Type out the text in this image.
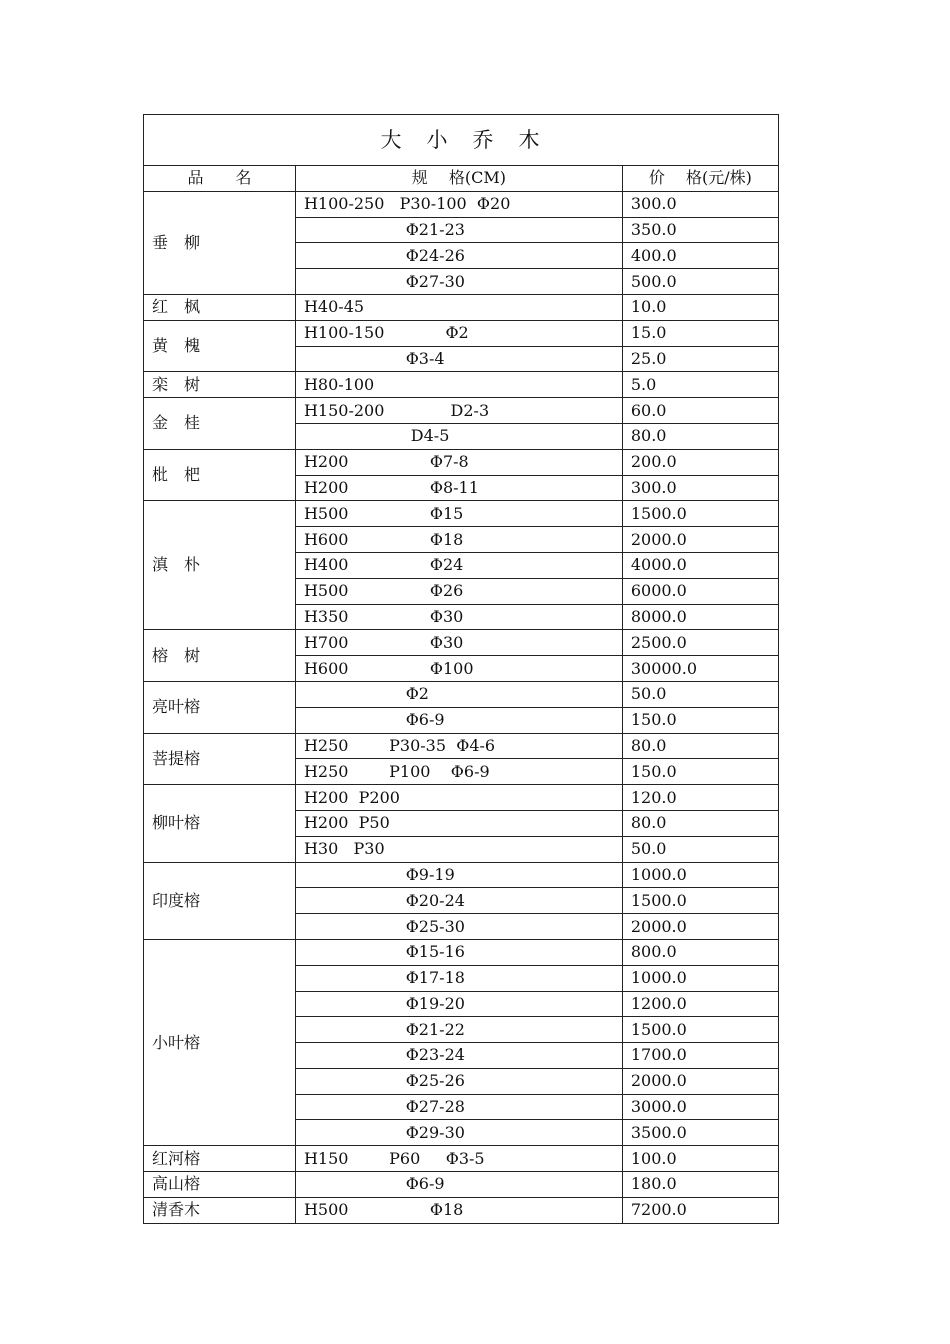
大　小　乔　木		
品　　名	规　 格(CM)	价　 格(元/株)
垂　柳	H100-250   P30-100  Φ20	300.0
	Φ21-23	350.0
	Φ24-26	400.0
	Φ27-30	500.0
红　枫	H40-45	10.0
黄　槐	H100-150            Φ2	15.0
	Φ3-4	25.0
栾　树	H80-100	5.0
金　桂	H150-200             D2-3	60.0
	D4-5	80.0
枇　杷	H200                Φ7-8	200.0
	H200                Φ8-11	300.0
滇　朴	H500                Φ15	1500.0
	H600                Φ18	2000.0
	H400                Φ24	4000.0
	H500                Φ26	6000.0
	H350                Φ30	8000.0
榕　树	H700                Φ30	2500.0
	H600                Φ100	30000.0
亮叶榕	Φ2	50.0
	Φ6-9	150.0
菩提榕	H250        P30-35  Φ4-6	80.0
	H250        P100    Φ6-9	150.0
柳叶榕	H200  P200	120.0
	H200  P50	80.0
	H30   P30	50.0
印度榕	Φ9-19	1000.0
	Φ20-24	1500.0
	Φ25-30	2000.0
小叶榕	Φ15-16	800.0
	Φ17-18	1000.0
	Φ19-20	1200.0
	Φ21-22	1500.0
	Φ23-24	1700.0
	Φ25-26	2000.0
	Φ27-28	3000.0
	Φ29-30	3500.0
红河榕	H150        P60     Φ3-5	100.0
高山榕	Φ6-9	180.0
清香木	H500                Φ18	7200.0
